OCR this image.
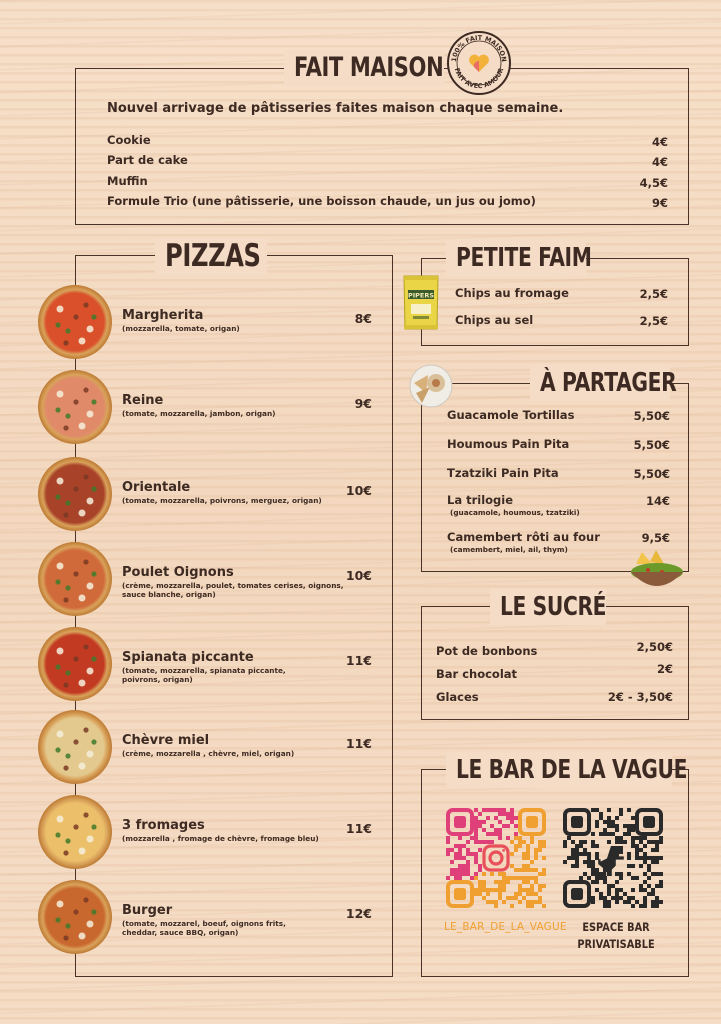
FAIT MAISON 100% FAIT MAISON
FAIT AVEC AMOUR
Nouvel arrivage de pâtisseries faites maison chaque semaine.
Cookie	4€
Part de cake	4€
Muffin	4,5€
Formule Trio (une pâtisserie, une boisson chaude, un jus ou jomo)	9€
PIZZAS
Margherita
(mozzarella, tomate, origan)
8€
Reine
(tomate, mozzarella, jambon, origan)
9€
Orientale
(tomate, mozzarella, poivrons, merguez, origan)
10€
Poulet Oignons
(crème, mozzarella, poulet, tomates cerises, oignons,
sauce blanche, origan)
10€
Spianata piccante
(tomate, mozzarella, spianata piccante,
poivrons, origan)
11€
Chèvre miel
(crème, mozzarella , chèvre, miel, origan)
11€
3 fromages
(mozzarella , fromage de chèvre, fromage bleu)
11€
Burger
(tomate, mozzarel, boeuf, oignons frits,
cheddar, sauce BBQ, origan)
12€
PETITE FAIM
PIPERS Chips au fromage	2,5€
Chips au sel	2,5€
À PARTAGER
Guacamole Tortillas	5,50€
Houmous Pain Pita	5,50€
Tzatziki Pain Pita	5,50€
La trilogie
(guacamole, houmous, tzatziki)
14€
Camembert rôti au four
(camembert, miel, ail, thym)
9,5€
LE SUCRÉ
Pot de bonbons	2,50€
Bar chocolat	2€
Glaces	2€ - 3,50€
LE BAR DE LA VAGUE
LE_BAR_DE_LA_VAGUE	ESPACE BAR
PRIVATISABLE
